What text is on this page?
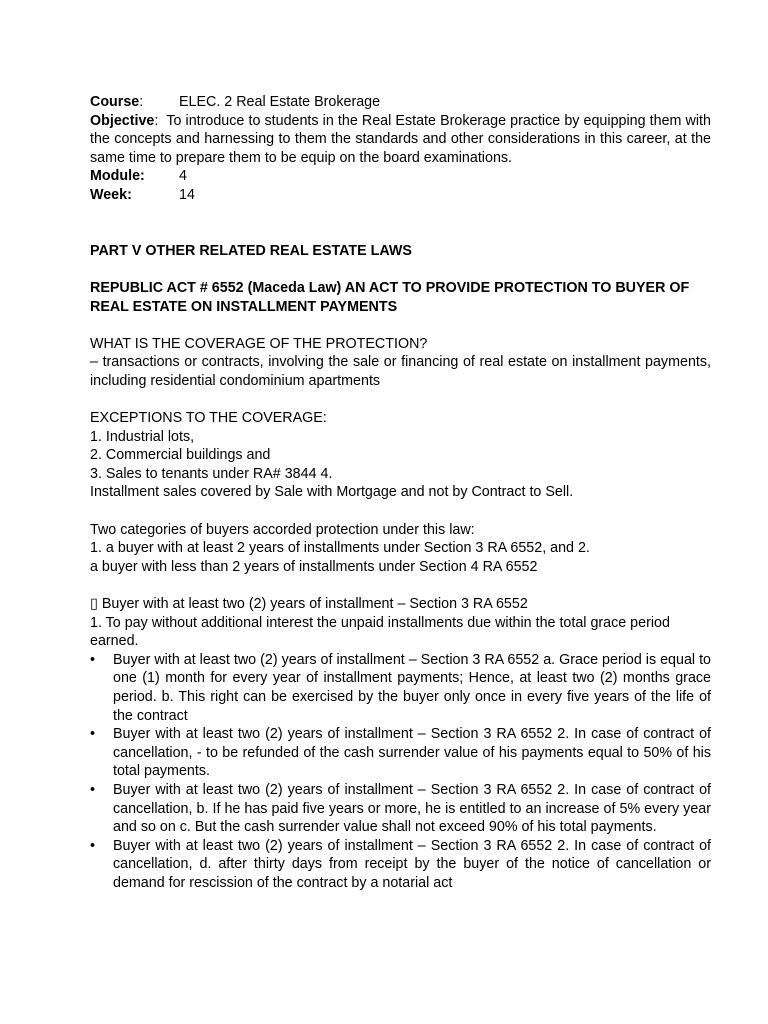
Course:	ELEC. 2 Real Estate Brokerage

Objective:  To introduce to students in the Real Estate Brokerage practice by equipping them with the concepts and harnessing to them the standards and other considerations in this career, at the same time to prepare them to be equip on the board examinations.

Module:	4
Week:	14

PART V OTHER RELATED REAL ESTATE LAWS

REPUBLIC ACT # 6552 (Maceda Law) AN ACT TO PROVIDE PROTECTION TO BUYER OF REAL ESTATE ON INSTALLMENT PAYMENTS

WHAT IS THE COVERAGE OF THE PROTECTION?

– transactions or contracts, involving the sale or financing of real estate on installment payments, including residential condominium apartments

EXCEPTIONS TO THE COVERAGE:

1. Industrial lots,

2. Commercial buildings and

3. Sales to tenants under RA# 3844 4.

Installment sales covered by Sale with Mortgage and not by Contract to Sell.

Two categories of buyers accorded protection under this law:

1. a buyer with at least 2 years of installments under Section 3 RA 6552, and 2.

a buyer with less than 2 years of installments under Section 4 RA 6552

▯ Buyer with at least two (2) years of installment – Section 3 RA 6552

1. To pay without additional interest the unpaid installments due within the total grace period earned.

• Buyer with at least two (2) years of installment – Section 3 RA 6552 a. Grace period is equal to one (1) month for every year of installment payments; Hence, at least two (2) months grace period. b. This right can be exercised by the buyer only once in every five years of the life of the contract
• Buyer with at least two (2) years of installment – Section 3 RA 6552 2. In case of contract of cancellation, - to be refunded of the cash surrender value of his payments equal to 50% of his total payments.
• Buyer with at least two (2) years of installment – Section 3 RA 6552 2. In case of contract of cancellation, b. If he has paid five years or more, he is entitled to an increase of 5% every year and so on c. But the cash surrender value shall not exceed 90% of his total payments.
• Buyer with at least two (2) years of installment – Section 3 RA 6552 2. In case of contract of cancellation, d. after thirty days from receipt by the buyer of the notice of cancellation or demand for rescission of the contract by a notarial act
